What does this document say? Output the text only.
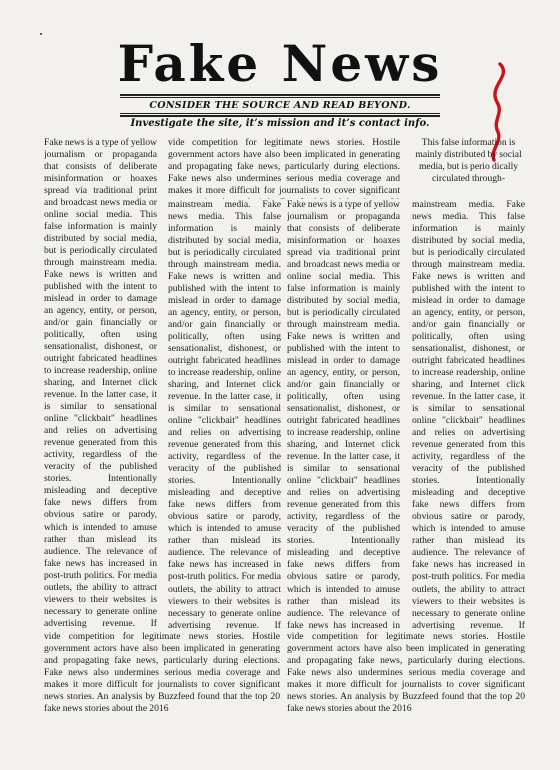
Fake News
CONSIDER THE SOURCE AND READ BEYOND.
Investigate the site, it’s mission and it’s contact info.

Fake news is a type of yellow journalism or propaganda that consists of deliberate misinformation or hoaxes spread via traditional print and broadcast news media or online social media. This false information is mainly distributed by social media, but is periodically circulated through mainstream media. Fake news is written and published with the intent to mislead in order to damage an agency, entity, or person, and/or gain financially or politically, often using sensationalist, dishonest, or outright fabricated headlines to increase readership, online sharing, and Internet click revenue. In the latter case, it is similar to sensational online "clickbait" headlines and relies on advertising revenue generated from this activity, regardless of the veracity of the published stories. Intentionally misleading and deceptive fake news differs from obvious satire or parody, which is intended to amuse rather than mislead its audience. The relevance of fake news has increased in post-truth politics. For media outlets, the ability to attract viewers to their websites is necessary to generate online advertising revenue. If

vide competition for legitimate news stories. Hostile government actors have also been implicated in generating and propagating fake news, particularly during elections. Fake news also undermines serious media coverage and makes it more difficult for journalists to cover significant

mainstream media. Fake news media. This false information is mainly distributed by social media, but is periodically circulated through mainstream media. Fake news is written and published with the intent to mislead in order to damage an agency, entity, or person, and/or gain financially or politically, often using sensationalist, dishonest, or outright fabricated headlines to increase readership, online sharing, and Internet click revenue. In the latter case, it is similar to sensational online "clickbait" headlines and relies on advertising revenue generated from this activity, regardless of the veracity of the published stories. Intentionally misleading and deceptive fake news differs from obvious satire or parody, which is intended to amuse rather than mislead its audience. The relevance of fake news has increased in post-truth politics. For media outlets, the ability to attract viewers to their websites is necessary to generate online advertising revenue. If

Fake news is a type of yellow journalism or propaganda that consists of deliberate misinformation or hoaxes spread via traditional print and broadcast news media or online social media. This false information is mainly distributed by social media, but is periodically circulated through mainstream media. Fake news is written and published with the intent to mislead in order to damage an agency, entity, or person, and/or gain financially or politically, often using sensationalist, dishonest, or outright fabricated headlines to increase readership, online sharing, and Internet click revenue. In the latter case, it is similar to sensational online "clickbait" headlines and relies on advertising revenue generated from this activity, regardless of the veracity of the published stories. Intentionally misleading and deceptive fake news differs from obvious satire or parody, which is intended to amuse rather than mislead its audience. The relevance of fake news has increased in

This false information is mainly distributed by social media, but is perio dically circulated through-

mainstream media. Fake news media. This false information is mainly distributed by social media, but is periodically circulated through mainstream media. Fake news is written and published with the intent to mislead in order to damage an agency, entity, or person, and/or gain financially or politically, often using sensationalist, dishonest, or outright fabricated headlines to increase readership, online sharing, and Internet click revenue. In the latter case, it is similar to sensational online "clickbait" headlines and relies on advertising revenue generated from this activity, regardless of the veracity of the published stories. Intentionally misleading and deceptive fake news differs from obvious satire or parody, which is intended to amuse rather than mislead its audience. The relevance of fake news has increased in post-truth politics. For media outlets, the ability to attract viewers to their websites is necessary to generate online advertising revenue. If

vide competition for legitimate news stories. Hostile government actors have also been implicated in generating and propagating fake news, particularly during elections. Fake news also undermines serious media coverage and makes it more difficult for journalists to cover significant news stories. An analysis by Buzzfeed found that the top 20 fake news stories about the 2016

vide competition for legitimate news stories. Hostile government actors have also been implicated in generating and propagating fake news, particularly during elections. Fake news also undermines serious media coverage and makes it more difficult for journalists to cover significant news stories. An analysis by Buzzfeed found that the top 20 fake news stories about the 2016
